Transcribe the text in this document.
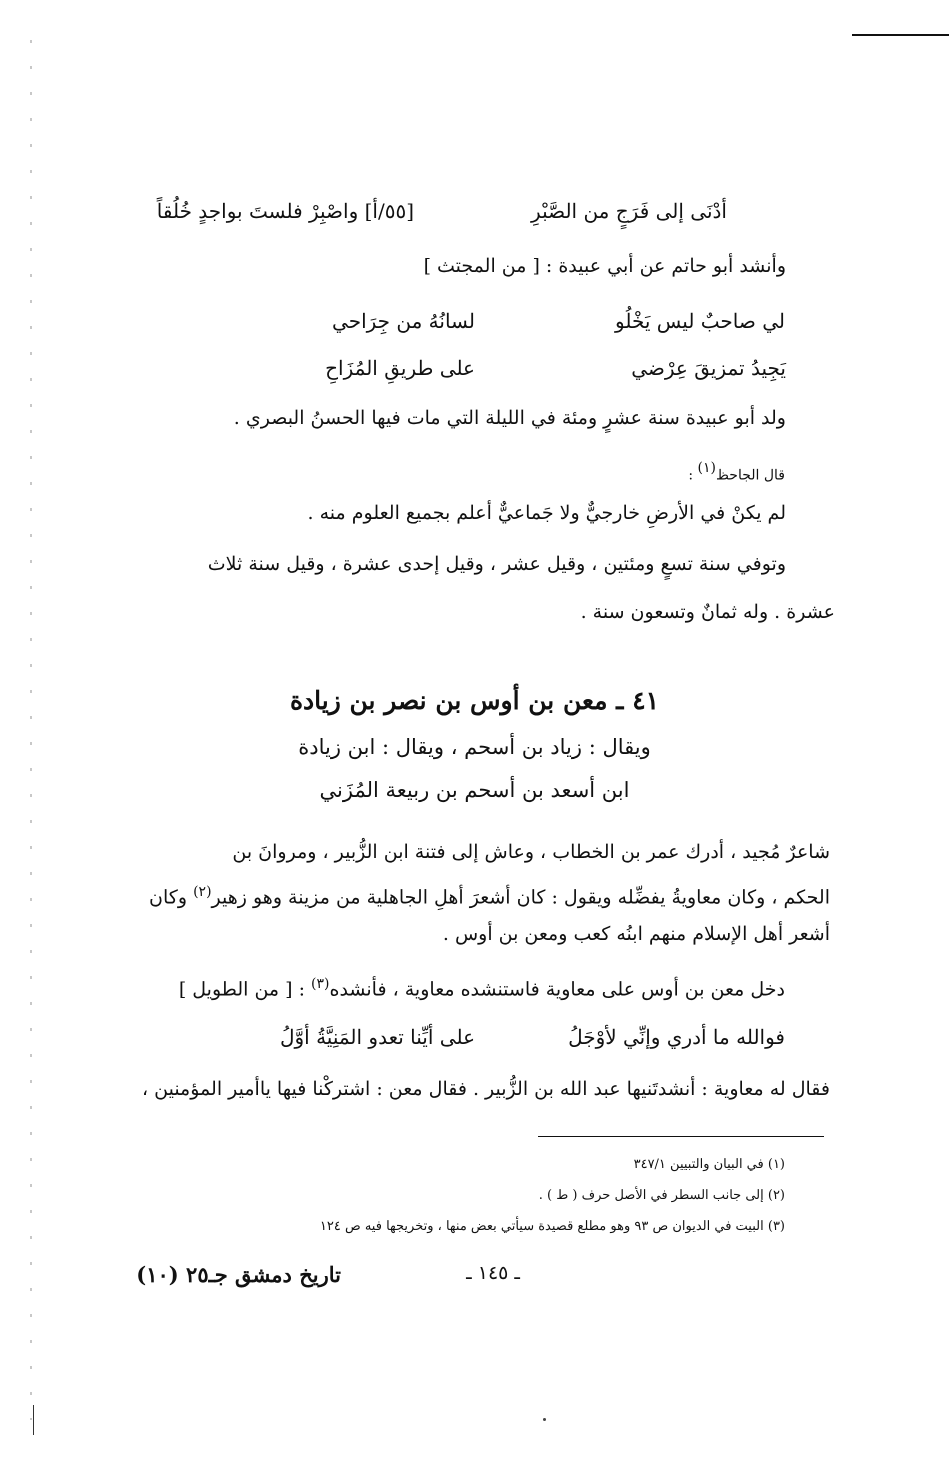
[٥٥/أ] واصْبِرْ فلستَ بواجدٍ خُلُقاً	أدْنَى إلى فَرَجٍ من الصَّبْرِ
وأنشد أبو حاتم عن أبي عبيدة : [ من المجتث ]
لي صاحبٌ ليس يَخْلُو
لسانُهُ من جِرَاحي
يَجِيدُ تمزيقَ عِرْضي
على طريقِ المُزَاحِ
ولد أبو عبيدة سنة عشرٍ ومئة في الليلة التي مات فيها الحسنُ البصري .
قال الجاحظ$^{(١)}$ :
لم يكنْ في الأرضِ خارجيٌّ ولا جَماعيٌّ أعلم بجميع العلوم منه .
وتوفي سنة تسعٍ ومئتين ، وقيل عشر ، وقيل إحدى عشرة ، وقيل سنة ثلاث
عشرة . وله ثمانٌ وتسعون سنة .
٤١ ـ معن بن أوس بن نصر بن زيادة
ويقال : زياد بن أسحم ، ويقال : ابن زيادة
ابن أسعد بن أسحم بن ربيعة المُزَني
شاعرٌ مُجيد ، أدرك عمر بن الخطاب ، وعاش إلى فتنة ابن الزُّبير ، ومروانَ بن
الحكم ، وكان معاويةُ يفضِّله ويقول : كان أشعرَ أهلِ الجاهلية من مزينة وهو زهير$^{(٢)}$ وكان
أشعر أهل الإسلام منهم ابنُه كعب ومعن بن أوس .
دخل معن بن أوس على معاوية فاستنشده معاوية ، فأنشده$^{(٣)}$ : [ من الطويل ]
فوالله ما أدري وإنِّي لأوْجَلُ
على أيِّنا تعدو المَنِيَّةُ أوَّلُ
فقال له معاوية : أنشدتَنيها عبد الله بن الزُّبير . فقال معن : اشتركْنا فيها ياأمير المؤمنين ،
(١) في البيان والتبيين ٣٤٧/١
(٢) إلى جانب السطر في الأصل حرف ( ط ) .
(٣) البيت في الديوان ص ٩٣ وهو مطلع قصيدة سيأتي بعض منها ، وتخريجها فيه ص ١٢٤
ـ ١٤٥ ـ
تاريخ دمشق جـ٢٥ (١٠)
